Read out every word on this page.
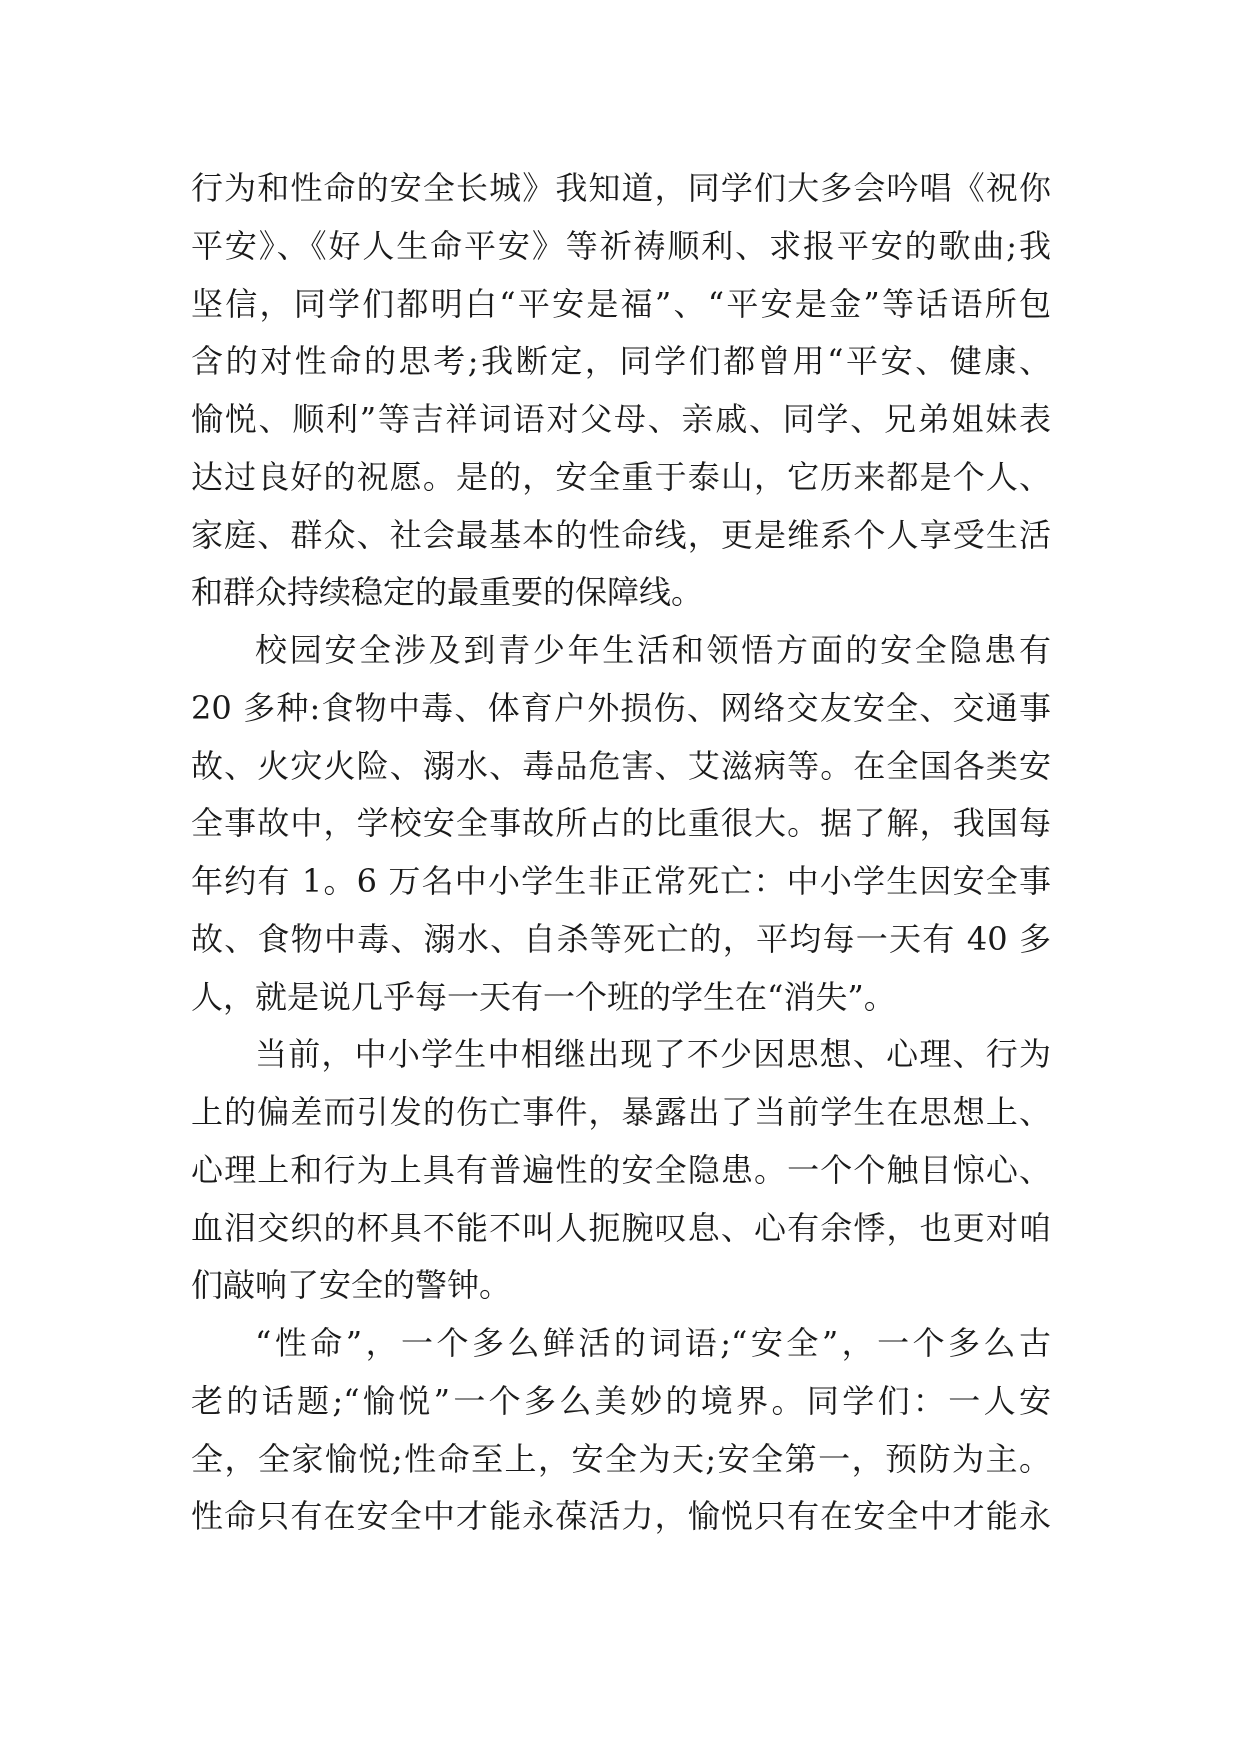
行为和性命的安全长城》我知道，同学们大多会吟唱《祝你
平安》、《好人生命平安》等祈祷顺利、求报平安的歌曲;我
坚信，同学们都明白“平安是福”、“平安是金”等话语所包
含的对性命的思考;我断定，同学们都曾用“平安、健康、
愉悦、顺利”等吉祥词语对父母、亲戚、同学、兄弟姐妹表
达过良好的祝愿。是的，安全重于泰山，它历来都是个人、
家庭、群众、社会最基本的性命线，更是维系个人享受生活
和群众持续稳定的最重要的保障线。
校园安全涉及到青少年生活和领悟方面的安全隐患有
20 多种:食物中毒、体育户外损伤、网络交友安全、交通事
故、火灾火险、溺水、毒品危害、艾滋病等。在全国各类安
全事故中，学校安全事故所占的比重很大。据了解，我国每
年约有 1。6 万名中小学生非正常死亡：中小学生因安全事
故、食物中毒、溺水、自杀等死亡的，平均每一天有 40 多
人，就是说几乎每一天有一个班的学生在“消失”。
当前，中小学生中相继出现了不少因思想、心理、行为
上的偏差而引发的伤亡事件，暴露出了当前学生在思想上、
心理上和行为上具有普遍性的安全隐患。一个个触目惊心、
血泪交织的杯具不能不叫人扼腕叹息、心有余悸，也更对咱
们敲响了安全的警钟。
“性命”，一个多么鲜活的词语;“安全”，一个多么古
老的话题;“愉悦”一个多么美妙的境界。同学们：一人安
全，全家愉悦;性命至上，安全为天;安全第一，预防为主。
性命只有在安全中才能永葆活力，愉悦只有在安全中才能永
